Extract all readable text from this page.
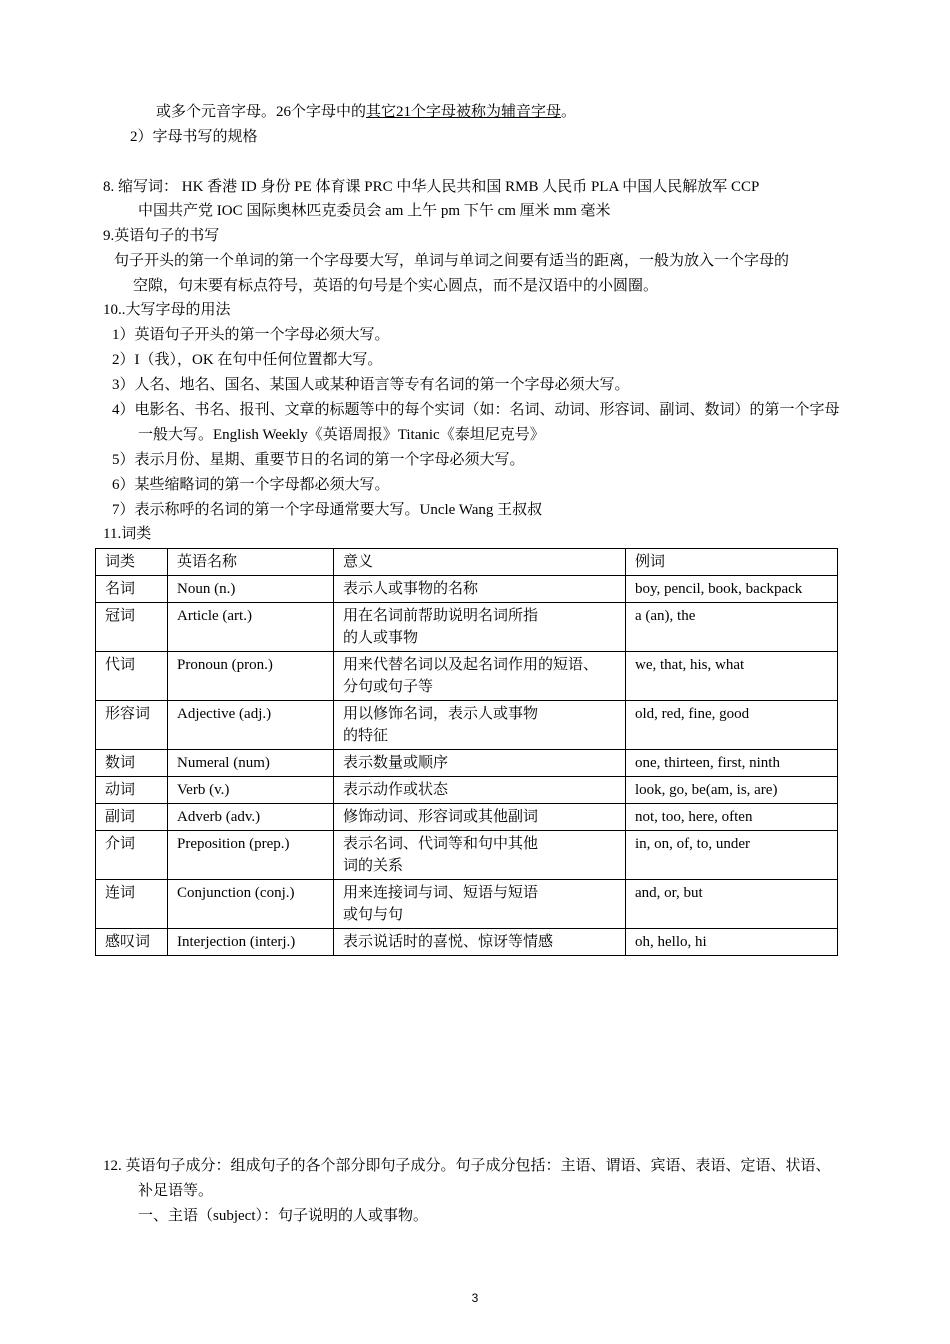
或多个元音字母。26个字母中的其它21个字母被称为辅音字母。
2）字母书写的规格
8. 缩写词： HK 香港 ID 身份 PE 体育课 PRC 中华人民共和国 RMB 人民币 PLA 中国人民解放军 CCP
中国共产党 IOC 国际奥林匹克委员会 am 上午 pm 下午 cm 厘米 mm 毫米
9.英语句子的书写
句子开头的第一个单词的第一个字母要大写，单词与单词之间要有适当的距离，一般为放入一个字母的
空隙，句末要有标点符号，英语的句号是个实心圆点，而不是汉语中的小圆圈。
10..大写字母的用法
1）英语句子开头的第一个字母必须大写。
2）I（我），OK 在句中任何位置都大写。
3）人名、地名、国名、某国人或某种语言等专有名词的第一个字母必须大写。
4）电影名、书名、报刊、文章的标题等中的每个实词（如：名词、动词、形容词、副词、数词）的第一个字母
一般大写。English Weekly《英语周报》Titanic《泰坦尼克号》
5）表示月份、星期、重要节日的名词的第一个字母必须大写。
6）某些缩略词的第一个字母都必须大写。
7）表示称呼的名词的第一个字母通常要大写。Uncle Wang 王叔叔
11.词类
词类	英语名称	意义	例词
名词	Noun (n.)	表示人或事物的名称	boy, pencil, book, backpack
冠词	Article (art.)	用在名词前帮助说明名词所指
的人或事物	a (an), the
代词	Pronoun (pron.)	用来代替名词以及起名词作用的短语、
分句或句子等	we, that, his, what
形容词	Adjective (adj.)	用以修饰名词，表示人或事物
的特征	old, red, fine, good
数词	Numeral (num)	表示数量或顺序	one, thirteen, first, ninth
动词	Verb (v.)	表示动作或状态	look, go, be(am, is, are)
副词	Adverb (adv.)	修饰动词、形容词或其他副词	not, too, here, often
介词	Preposition (prep.)	表示名词、代词等和句中其他
词的关系	in, on, of, to, under
连词	Conjunction (conj.)	用来连接词与词、短语与短语
或句与句	and, or, but
感叹词	Interjection (interj.)	表示说话时的喜悦、惊讶等情感	oh, hello, hi
12. 英语句子成分：组成句子的各个部分即句子成分。句子成分包括：主语、谓语、宾语、表语、定语、状语、
补足语等。
一、主语（subject）：句子说明的人或事物。
3
